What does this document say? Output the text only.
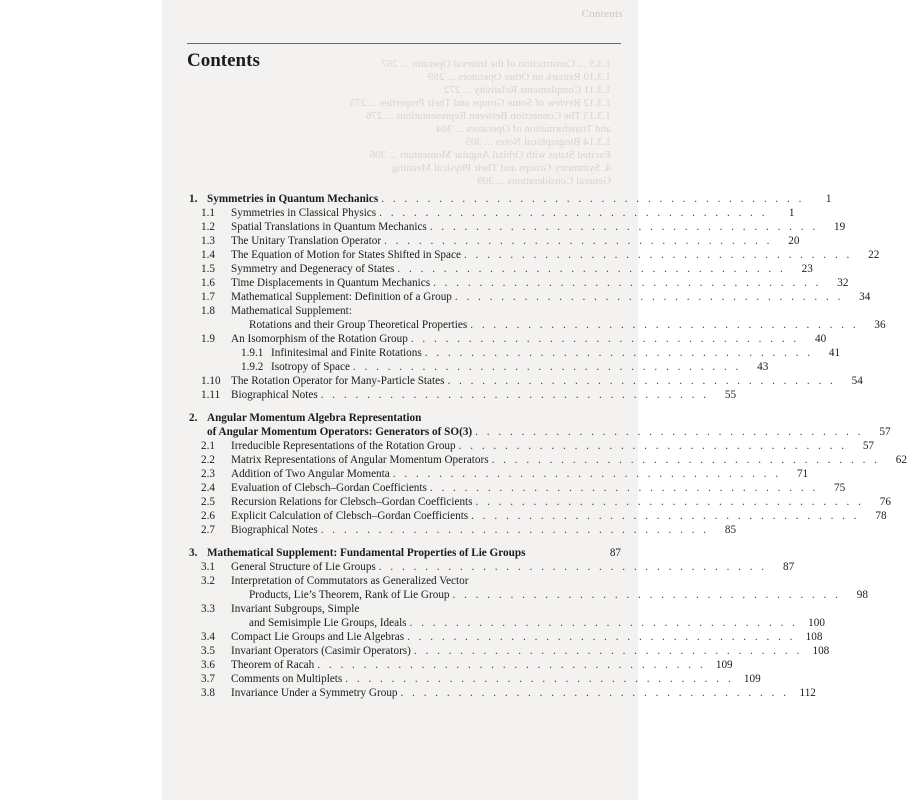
Contents
Contents	1.3.9 ... Construction of the Interval Operator ... 267
1.3.10 Remark on Other Operators ... 269
1.3.11 Complements Relativity ... 272
1.3.12 Review of Some Groups and Their Properties ... 275
1.3.13 The Connection Between Representations ... 276
and Transformation of Operators ... 304
1.3.14 Biographical Notes ... 305
Excited States with Orbital Angular Momentum ... 306
4. Symmetry Groups and Their Physical Meaning
General Considerations ... 309
1. Symmetries in Quantum Mechanics . . . . . . . . . . . . . . . . . . . . . . . . . . . . . . . . . . . . .	1
1.1	Symmetries in Classical Physics . . . . . . . . . . . . . . . . . . . . . . . . . . . . . . . . . .	1
1.2	Spatial Translations in Quantum Mechanics . . . . . . . . . . . . . . . . . . . . . . . . . . . . . . . . . .	19
1.3	The Unitary Translation Operator . . . . . . . . . . . . . . . . . . . . . . . . . . . . . . . . . .	20
1.4	The Equation of Motion for States Shifted in Space . . . . . . . . . . . . . . . . . . . . . . . . . . . . . . . . . .	22
1.5	Symmetry and Degeneracy of States . . . . . . . . . . . . . . . . . . . . . . . . . . . . . . . . . .	23
1.6	Time Displacements in Quantum Mechanics . . . . . . . . . . . . . . . . . . . . . . . . . . . . . . . . . .	32
1.7	Mathematical Supplement: Definition of a Group . . . . . . . . . . . . . . . . . . . . . . . . . . . . . . . . . .	34
1.8	Mathematical Supplement:
Rotations and their Group Theoretical Properties . . . . . . . . . . . . . . . . . . . . . . . . . . . . . . . . . .	36
1.9	An Isomorphism of the Rotation Group . . . . . . . . . . . . . . . . . . . . . . . . . . . . . . . . . .	40
1.9.1 Infinitesimal and Finite Rotations . . . . . . . . . . . . . . . . . . . . . . . . . . . . . . . . . .	41
1.9.2 Isotropy of Space . . . . . . . . . . . . . . . . . . . . . . . . . . . . . . . . . .	43
1.10 The Rotation Operator for Many-Particle States . . . . . . . . . . . . . . . . . . . . . . . . . . . . . . . . . .	54
1.11 Biographical Notes . . . . . . . . . . . . . . . . . . . . . . . . . . . . . . . . . .	55
2. Angular Momentum Algebra Representation
of Angular Momentum Operators: Generators of SO(3) . . . . . . . . . . . . . . . . . . . . . . . . . . . . . . . . . .	57
2.1	Irreducible Representations of the Rotation Group . . . . . . . . . . . . . . . . . . . . . . . . . . . . . . . . . .	57
2.2	Matrix Representations of Angular Momentum Operators . . . . . . . . . . . . . . . . . . . . . . . . . . . . . . . . . .	62
2.3	Addition of Two Angular Momenta . . . . . . . . . . . . . . . . . . . . . . . . . . . . . . . . . .	71
2.4	Evaluation of Clebsch–Gordan Coefficients . . . . . . . . . . . . . . . . . . . . . . . . . . . . . . . . . .	75
2.5	Recursion Relations for Clebsch–Gordan Coefficients . . . . . . . . . . . . . . . . . . . . . . . . . . . . . . . . . .	76
2.6	Explicit Calculation of Clebsch–Gordan Coefficients . . . . . . . . . . . . . . . . . . . . . . . . . . . . . . . . . .	78
2.7	Biographical Notes . . . . . . . . . . . . . . . . . . . . . . . . . . . . . . . . . .	85
3. Mathematical Supplement: Fundamental Properties of Lie Groups	87
3.1	General Structure of Lie Groups . . . . . . . . . . . . . . . . . . . . . . . . . . . . . . . . . .	87
3.2	Interpretation of Commutators as Generalized Vector
Products, Lie’s Theorem, Rank of Lie Group . . . . . . . . . . . . . . . . . . . . . . . . . . . . . . . . . .	98
3.3	Invariant Subgroups, Simple
and Semisimple Lie Groups, Ideals . . . . . . . . . . . . . . . . . . . . . . . . . . . . . . . . . . 100
3.4	Compact Lie Groups and Lie Algebras . . . . . . . . . . . . . . . . . . . . . . . . . . . . . . . . . . 108
3.5	Invariant Operators (Casimir Operators) . . . . . . . . . . . . . . . . . . . . . . . . . . . . . . . . . . 108
3.6	Theorem of Racah . . . . . . . . . . . . . . . . . . . . . . . . . . . . . . . . . . 109
3.7	Comments on Multiplets . . . . . . . . . . . . . . . . . . . . . . . . . . . . . . . . . . 109
3.8	Invariance Under a Symmetry Group . . . . . . . . . . . . . . . . . . . . . . . . . . . . . . . . . . 112
